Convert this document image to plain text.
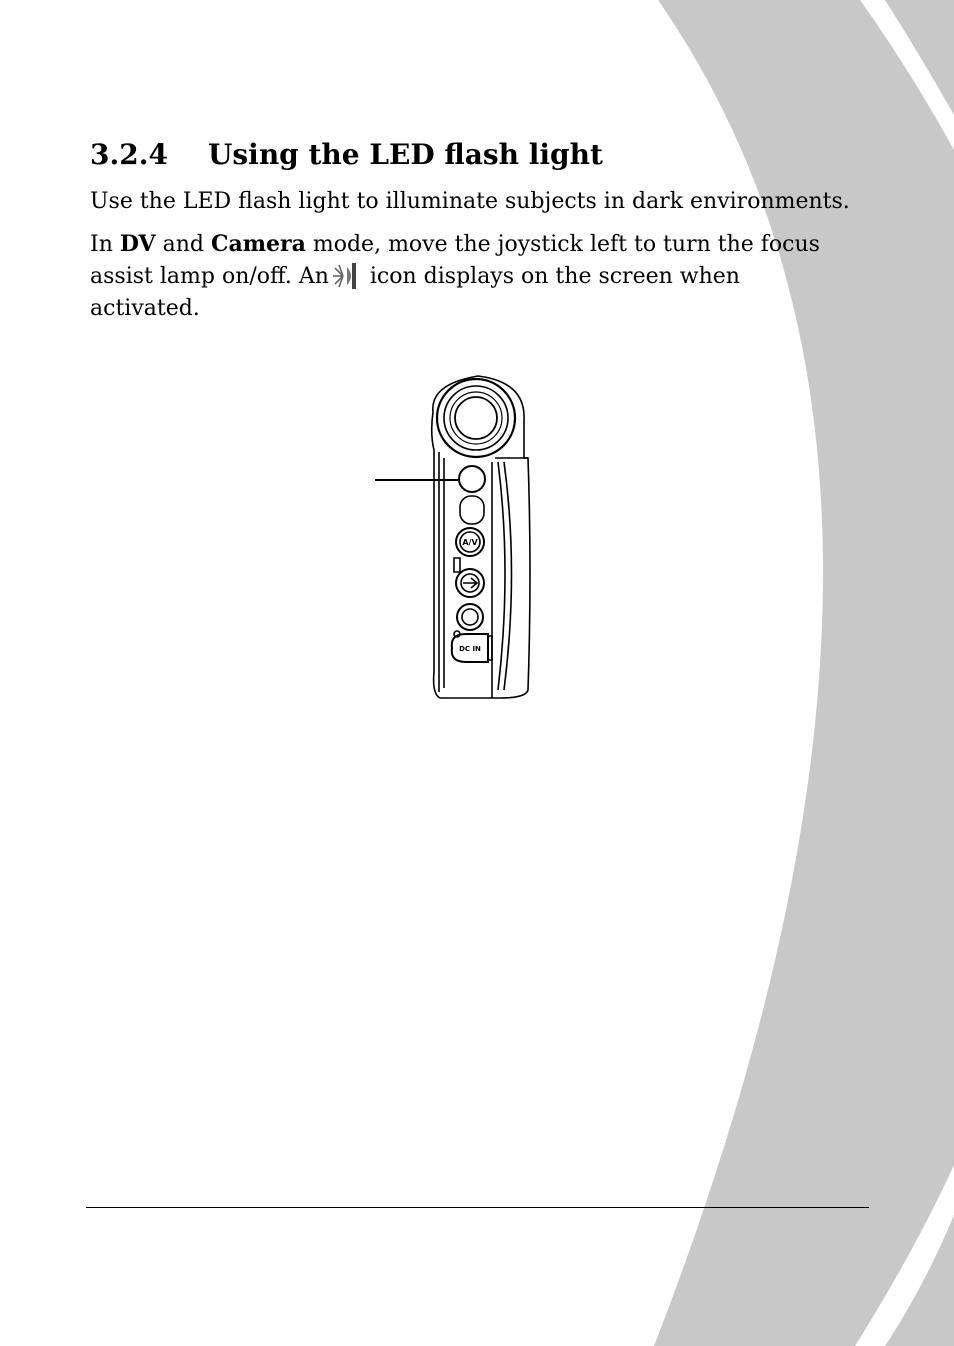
3.2.4 Using the LED flash light

Use the LED flash light to illuminate subjects in dark environments.

In DV and Camera mode, move the joystick left to turn the focus assist lamp on/off. An icon displays on the screen when activated.

A/V
DC IN
